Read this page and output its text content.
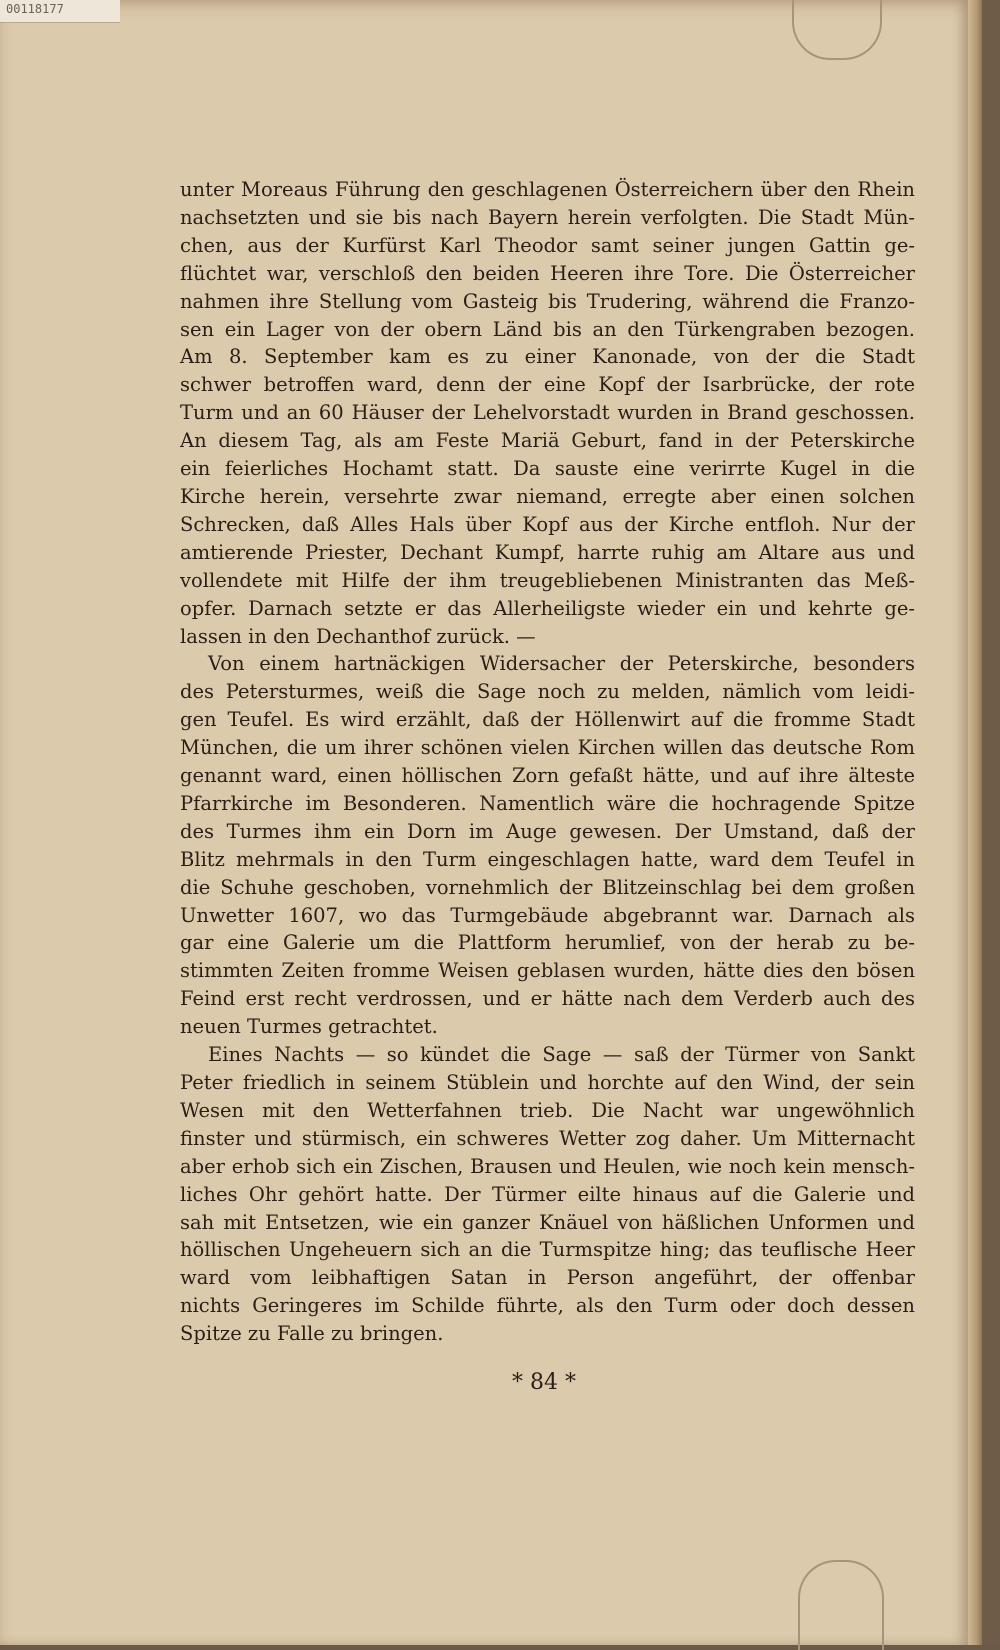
00118177
unter Moreaus Führung den geschlagenen Österreichern über den Rhein
nachsetzten und sie bis nach Bayern herein verfolgten. Die Stadt Mün-
chen, aus der Kurfürst Karl Theodor samt seiner jungen Gattin ge-
flüchtet war, verschloß den beiden Heeren ihre Tore. Die Österreicher
nahmen ihre Stellung vom Gasteig bis Trudering, während die Franzo-
sen ein Lager von der obern Länd bis an den Türkengraben bezogen.
Am 8. September kam es zu einer Kanonade, von der die Stadt
schwer betroffen ward, denn der eine Kopf der Isarbrücke, der rote
Turm und an 60 Häuser der Lehelvorstadt wurden in Brand geschossen.
An diesem Tag, als am Feste Mariä Geburt, fand in der Peterskirche
ein feierliches Hochamt statt. Da sauste eine verirrte Kugel in die
Kirche herein, versehrte zwar niemand, erregte aber einen solchen
Schrecken, daß Alles Hals über Kopf aus der Kirche entfloh. Nur der
amtierende Priester, Dechant Kumpf, harrte ruhig am Altare aus und
vollendete mit Hilfe der ihm treugebliebenen Ministranten das Meß-
opfer. Darnach setzte er das Allerheiligste wieder ein und kehrte ge-
lassen in den Dechanthof zurück. —
Von einem hartnäckigen Widersacher der Peterskirche, besonders
des Petersturmes, weiß die Sage noch zu melden, nämlich vom leidi-
gen Teufel. Es wird erzählt, daß der Höllenwirt auf die fromme Stadt
München, die um ihrer schönen vielen Kirchen willen das deutsche Rom
genannt ward, einen höllischen Zorn gefaßt hätte, und auf ihre älteste
Pfarrkirche im Besonderen. Namentlich wäre die hochragende Spitze
des Turmes ihm ein Dorn im Auge gewesen. Der Umstand, daß der
Blitz mehrmals in den Turm eingeschlagen hatte, ward dem Teufel in
die Schuhe geschoben, vornehmlich der Blitzeinschlag bei dem großen
Unwetter 1607, wo das Turmgebäude abgebrannt war. Darnach als
gar eine Galerie um die Plattform herumlief, von der herab zu be-
stimmten Zeiten fromme Weisen geblasen wurden, hätte dies den bösen
Feind erst recht verdrossen, und er hätte nach dem Verderb auch des
neuen Turmes getrachtet.
Eines Nachts — so kündet die Sage — saß der Türmer von Sankt
Peter friedlich in seinem Stüblein und horchte auf den Wind, der sein
Wesen mit den Wetterfahnen trieb. Die Nacht war ungewöhnlich
finster und stürmisch, ein schweres Wetter zog daher. Um Mitternacht
aber erhob sich ein Zischen, Brausen und Heulen, wie noch kein mensch-
liches Ohr gehört hatte. Der Türmer eilte hinaus auf die Galerie und
sah mit Entsetzen, wie ein ganzer Knäuel von häßlichen Unformen und
höllischen Ungeheuern sich an die Turmspitze hing; das teuflische Heer
ward vom leibhaftigen Satan in Person angeführt, der offenbar
nichts Geringeres im Schilde führte, als den Turm oder doch dessen
Spitze zu Falle zu bringen.
* 84 *
